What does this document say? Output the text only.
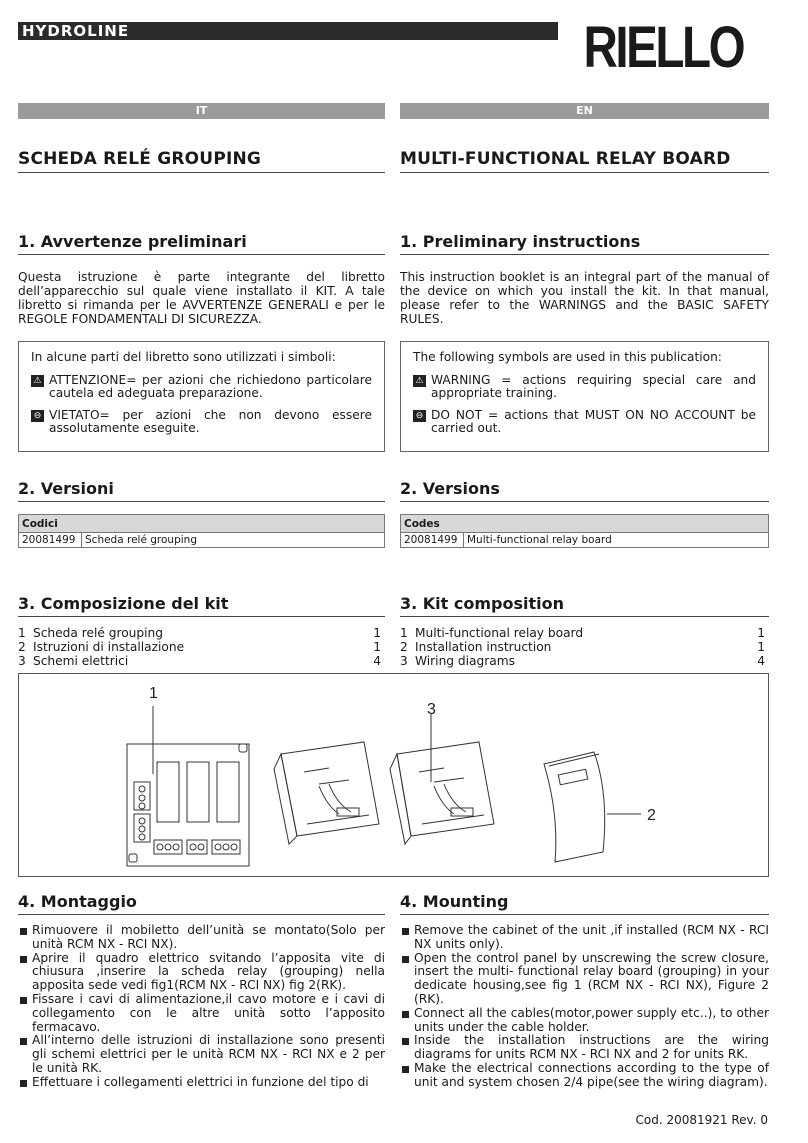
HYDROLINE	RIELLO
IT	EN
SCHEDA RELÉ GROUPING	MULTI-FUNCTIONAL RELAY BOARD
1. Avvertenze preliminari
Questa istruzione è parte integrante del libretto dell’apparecchio sul quale viene installato il KIT. A tale libretto si rimanda per le AVVERTENZE GENERALI e per le REGOLE FONDAMENTALI DI SICUREZZA.
In alcune parti del libretto sono utilizzati i simboli:
⚠ ATTENZIONE= per azioni che richiedono particolare cautela ed adeguata preparazione.
⊖ VIETATO= per azioni che non devono essere assolutamente eseguite.
1. Preliminary instructions
This instruction booklet is an integral part of the manual of the device on which you install the kit. In that manual, please refer to the WARNINGS and the BASIC SAFETY RULES.
The following symbols are used in this publication:
⚠ WARNING = actions requiring special care and appropriate training.
⊖ DO NOT = actions that MUST ON NO ACCOUNT be carried out.
2. Versioni
Codici
20081499	Scheda relé grouping
2. Versions
Codes
20081499	Multi-functional relay board
3. Composizione del kit
1 Scheda relé grouping	1
2 Istruzioni di installazione	1
3 Schemi elettrici	4
3. Kit composition
1 Multi-functional relay board	1
2 Installation instruction	1
3 Wiring diagrams	4
1
3
2
4. Montaggio
Rimuovere il mobiletto dell’unità se montato(Solo per unità RCM NX - RCI NX).
Aprire il quadro elettrico svitando l’apposita vite di chiusura ,inserire la scheda relay (grouping) nella apposita sede vedi fig1(RCM NX - RCI NX) fig 2(RK).
Fissare i cavi di alimentazione,il cavo motore e i cavi di collegamento con le altre unità sotto l’apposito fermacavo.
All’interno delle istruzioni di installazione sono presenti gli schemi elettrici per le unità RCM NX - RCI NX e 2 per le unità RK.
Effettuare i collegamenti elettrici in funzione del tipo di
4. Mounting
Remove the cabinet of the unit ,if installed (RCM NX - RCI NX units only).
Open the control panel by unscrewing the screw closure, insert the multi- functional relay board (grouping) in your dedicate housing,see fig 1 (RCM NX - RCI NX), Figure 2 (RK).
Connect all the cables(motor,power supply etc..), to other units under the cable holder.
Inside the installation instructions are the wiring diagrams for units RCM NX - RCI NX and 2 for units RK.
Make the electrical connections according to the type of unit and system chosen 2/4 pipe(see the wiring diagram).
Cod. 20081921 Rev. 0
